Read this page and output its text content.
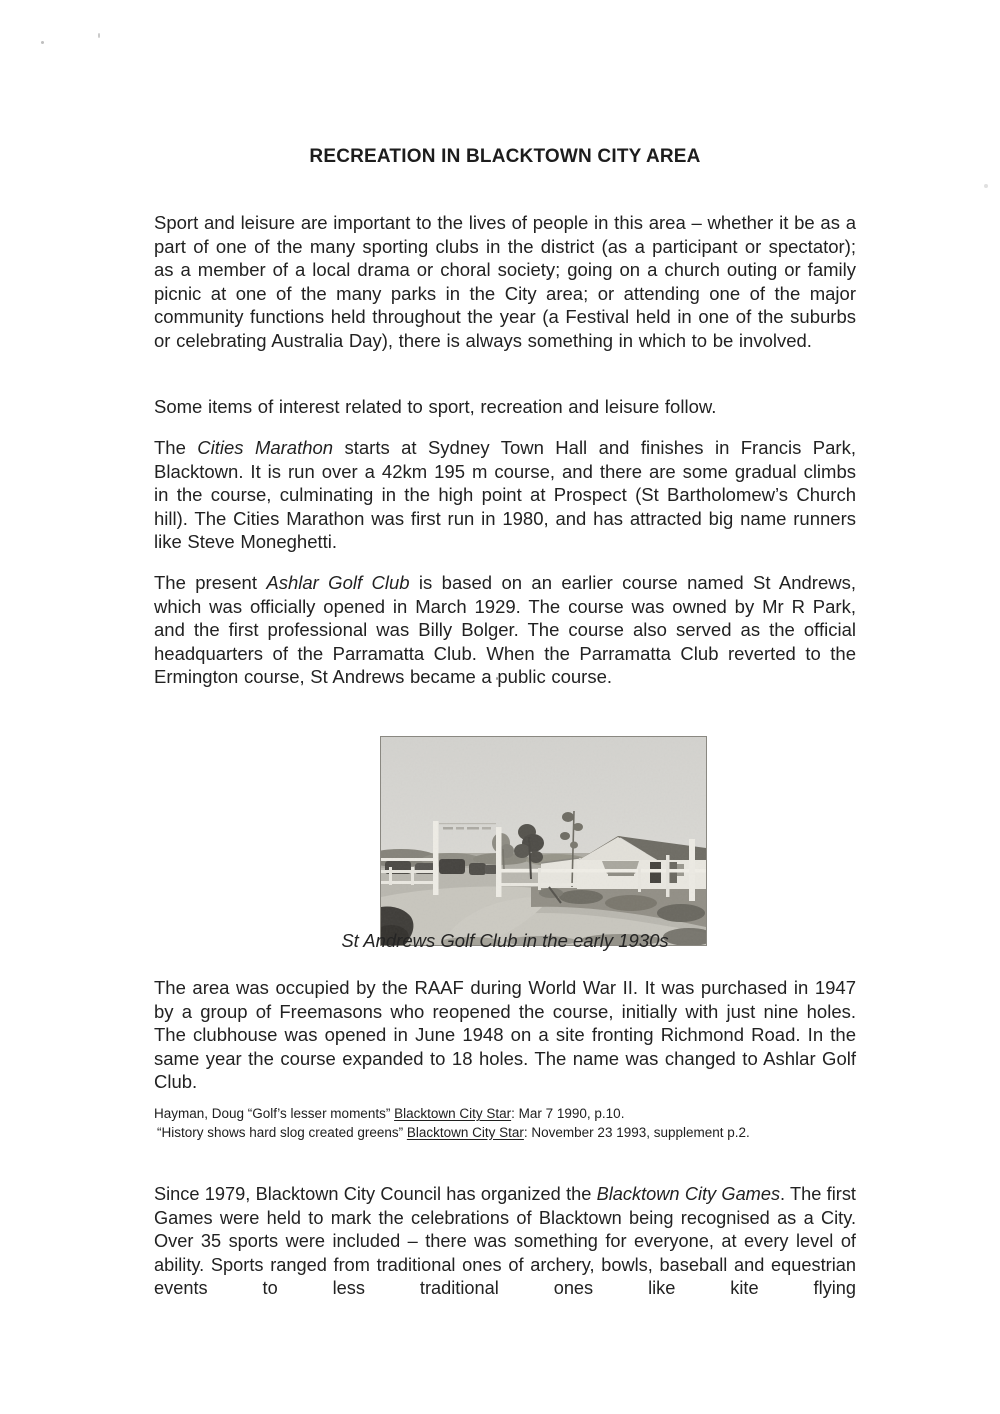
RECREATION IN BLACKTOWN CITY AREA

Sport and leisure are important to the lives of people in this area – whether it be as a part of one of the many sporting clubs in the district (as a participant or spectator); as a member of a local drama or choral society; going on a church outing or family picnic at one of the many parks in the City area; or attending one of the major community functions held throughout the year (a Festival held in one of the suburbs or celebrating Australia Day), there is always something in which to be involved.

Some items of interest related to sport, recreation and leisure follow.

The Cities Marathon starts at Sydney Town Hall and finishes in Francis Park, Blacktown. It is run over a 42km 195 m course, and there are some gradual climbs in the course, culminating in the high point at Prospect (St Bartholomew’s Church hill). The Cities Marathon was first run in 1980, and has attracted big name runners like Steve Moneghetti.

The present Ashlar Golf Club is based on an earlier course named St Andrews, which was officially opened in March 1929. The course was owned by Mr R Park, and the first professional was Billy Bolger. The course also served as the official headquarters of the Parramatta Club. When the Parramatta Club reverted to the Ermington course, St Andrews became a public course.

St Andrews Golf Club in the early 1930s

The area was occupied by the RAAF during World War II. It was purchased in 1947 by a group of Freemasons who reopened the course, initially with just nine holes. The clubhouse was opened in June 1948 on a site fronting Richmond Road. In the same year the course expanded to 18 holes. The name was changed to Ashlar Golf Club.

Hayman, Doug “Golf’s lesser moments” Blacktown City Star: Mar 7 1990, p.10.
“History shows hard slog created greens” Blacktown City Star: November 23 1993, supplement p.2.

Since 1979, Blacktown City Council has organized the Blacktown City Games. The first Games were held to mark the celebrations of Blacktown being recognised as a City. Over 35 sports were included – there was something for everyone, at every level of ability. Sports ranged from traditional ones of archery, bowls, baseball and equestrian events to less traditional ones like kite flying
